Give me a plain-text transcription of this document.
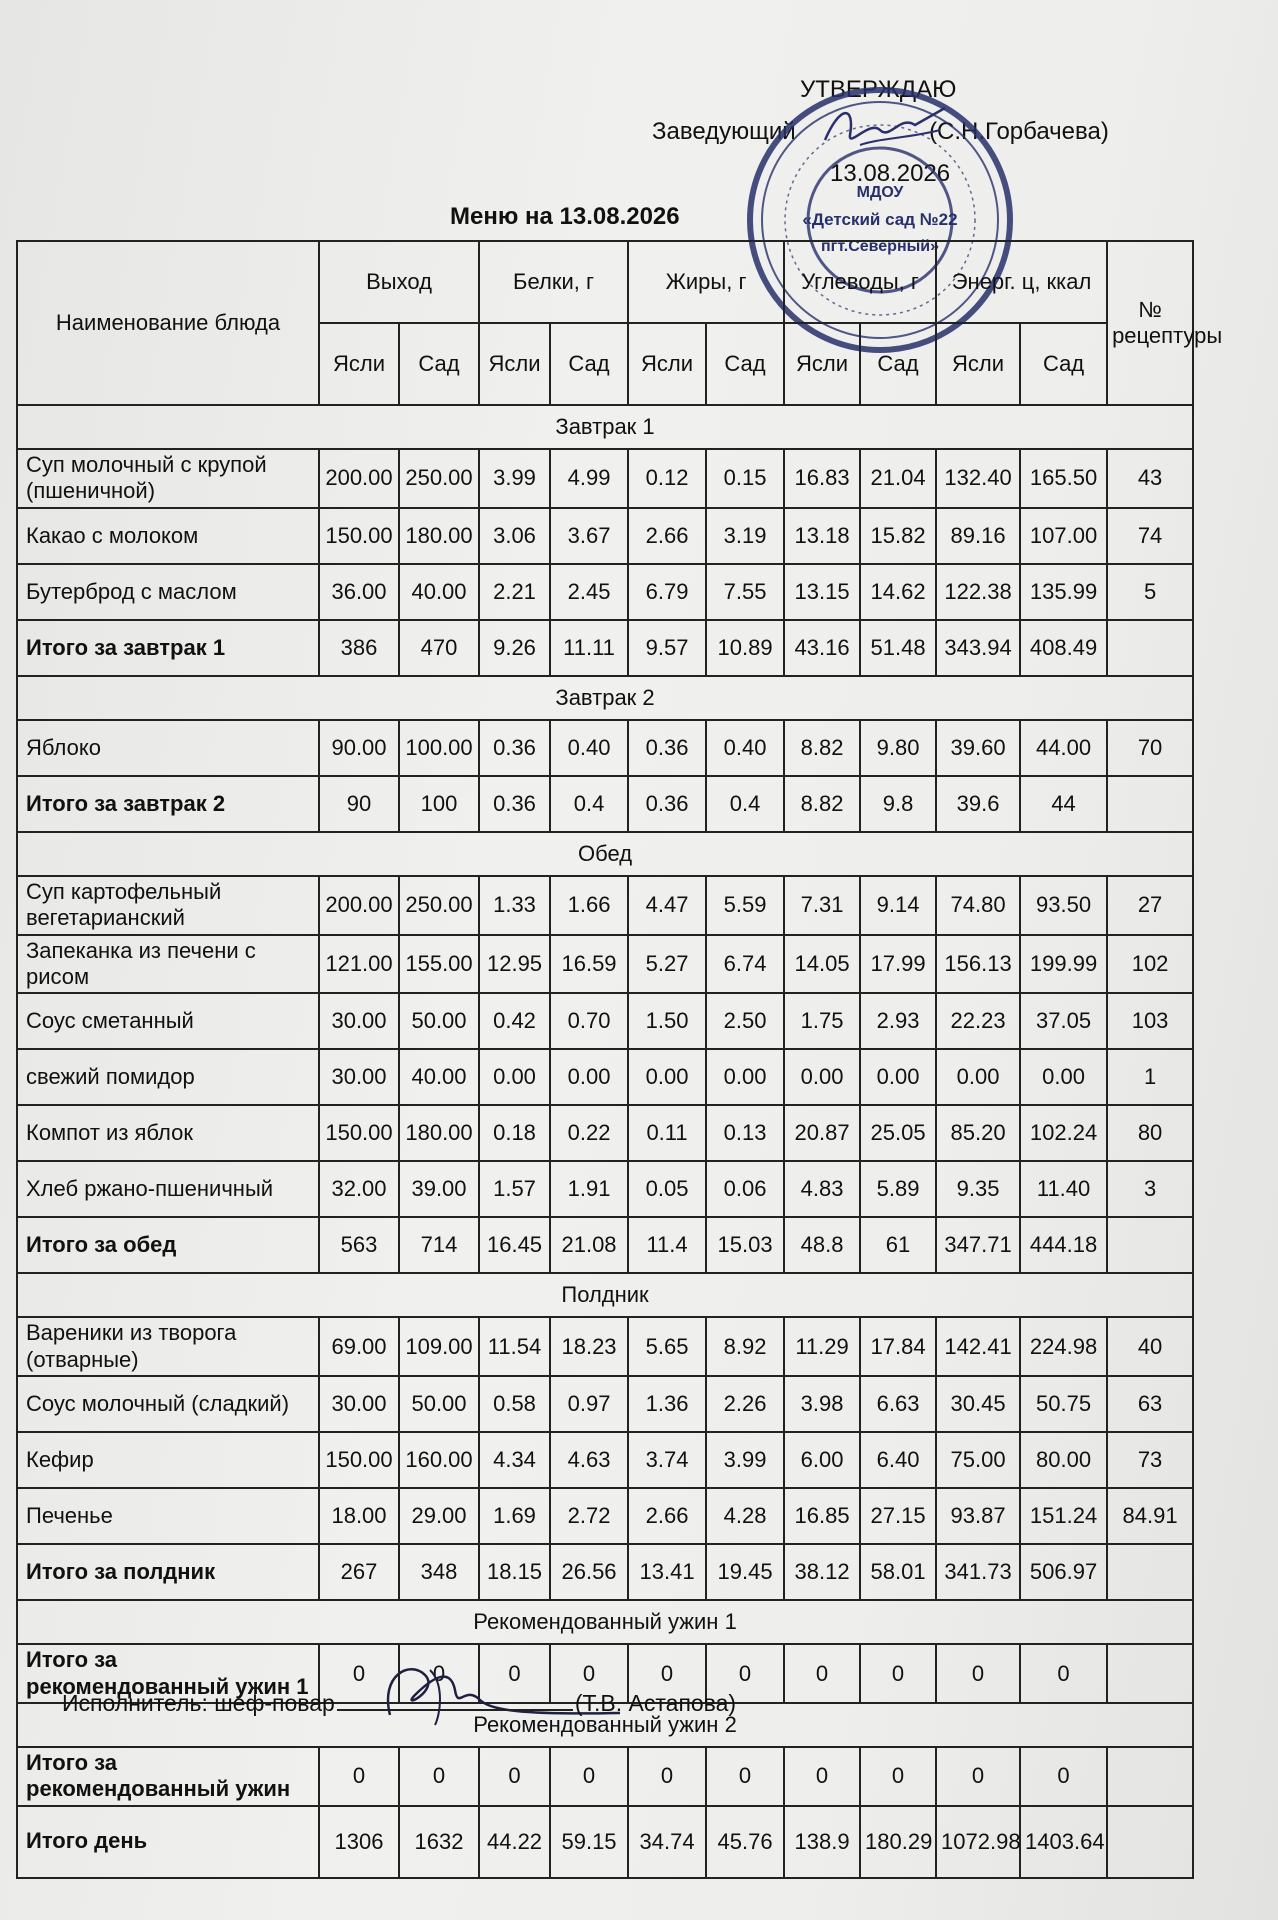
УТВЕРЖДАЮ
Заведующий	(С.Н.Горбачева)
13.08.2026
МДОУ
«Детский сад №22
пгт.Северный»
Меню на 13.08.2026
Наименование блюда	Выход		Белки, г		Жиры, г		Углеводы, г		Энерг. ц, ккал		№ рецептуры
	Ясли	Сад	Ясли	Сад	Ясли	Сад	Ясли	Сад	Ясли	Сад	
Завтрак 1											
Суп молочный с крупой (пшеничной)	200.00	250.00	3.99	4.99	0.12	0.15	16.83	21.04	132.40	165.50	43
Какао с молоком	150.00	180.00	3.06	3.67	2.66	3.19	13.18	15.82	89.16	107.00	74
Бутерброд с маслом	36.00	40.00	2.21	2.45	6.79	7.55	13.15	14.62	122.38	135.99	5
Итого за завтрак 1	386	470	9.26	11.11	9.57	10.89	43.16	51.48	343.94	408.49	
Завтрак 2											
Яблоко	90.00	100.00	0.36	0.40	0.36	0.40	8.82	9.80	39.60	44.00	70
Итого за завтрак 2	90	100	0.36	0.4	0.36	0.4	8.82	9.8	39.6	44	
Обед											
Суп картофельный вегетарианский	200.00	250.00	1.33	1.66	4.47	5.59	7.31	9.14	74.80	93.50	27
Запеканка из печени с рисом	121.00	155.00	12.95	16.59	5.27	6.74	14.05	17.99	156.13	199.99	102
Соус сметанный	30.00	50.00	0.42	0.70	1.50	2.50	1.75	2.93	22.23	37.05	103
свежий помидор	30.00	40.00	0.00	0.00	0.00	0.00	0.00	0.00	0.00	0.00	1
Компот из яблок	150.00	180.00	0.18	0.22	0.11	0.13	20.87	25.05	85.20	102.24	80
Хлеб ржано-пшеничный	32.00	39.00	1.57	1.91	0.05	0.06	4.83	5.89	9.35	11.40	3
Итого за обед	563	714	16.45	21.08	11.4	15.03	48.8	61	347.71	444.18	
Полдник											
Вареники из творога (отварные)	69.00	109.00	11.54	18.23	5.65	8.92	11.29	17.84	142.41	224.98	40
Соус молочный (сладкий)	30.00	50.00	0.58	0.97	1.36	2.26	3.98	6.63	30.45	50.75	63
Кефир	150.00	160.00	4.34	4.63	3.74	3.99	6.00	6.40	75.00	80.00	73
Печенье	18.00	29.00	1.69	2.72	2.66	4.28	16.85	27.15	93.87	151.24	84.91
Итого за полдник	267	348	18.15	26.56	13.41	19.45	38.12	58.01	341.73	506.97	
Рекомендованный ужин 1											
Итого за рекомендованный ужин 1	0	0	0	0	0	0	0	0	0	0	
Рекомендованный ужин 2											
Итого за рекомендованный ужин	0	0	0	0	0	0	0	0	0	0	
Итого день	1306	1632	44.22	59.15	34.74	45.76	138.9	180.29	1072.98	1403.64	
Исполнитель: шеф-повар	(Т.В. Астапова)
